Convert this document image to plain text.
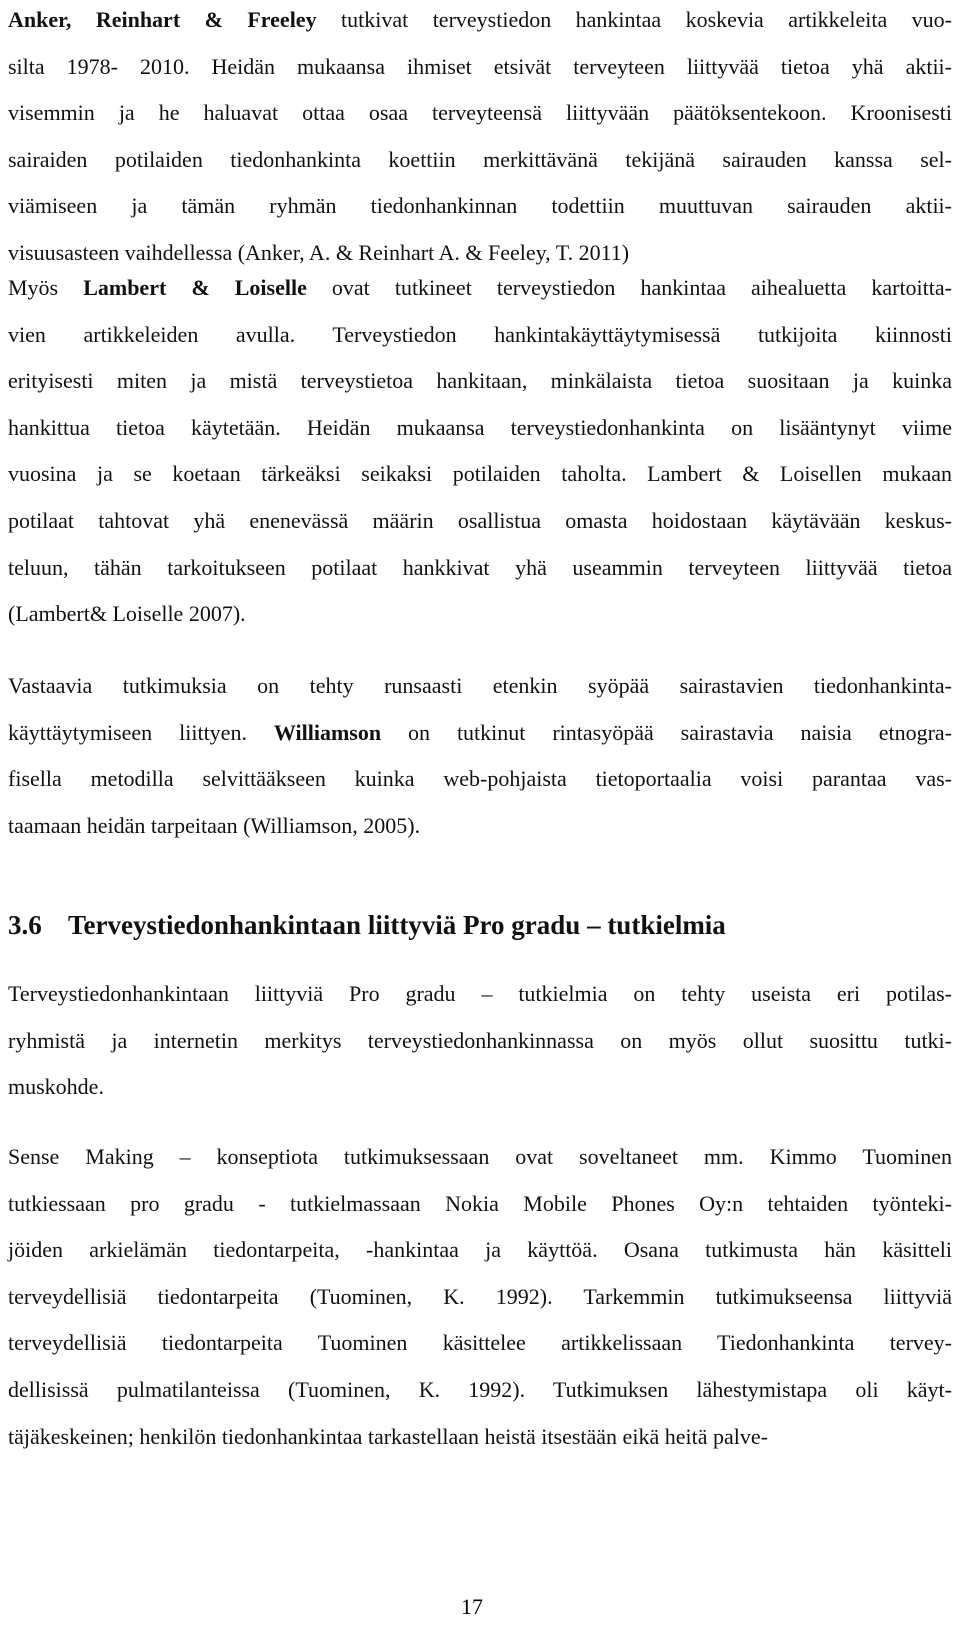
Anker, Reinhart & Freeley tutkivat terveystiedon hankintaa koskevia artikkeleita vuo-
silta 1978- 2010. Heidän mukaansa ihmiset etsivät terveyteen liittyvää tietoa yhä aktii-
visemmin ja he haluavat ottaa osaa terveyteensä liittyvään päätöksentekoon. Kroonisesti
sairaiden potilaiden tiedonhankinta koettiin merkittävänä tekijänä sairauden kanssa sel-
viämiseen ja tämän ryhmän tiedonhankinnan todettiin muuttuvan sairauden aktii-
visuusasteen vaihdellessa (Anker, A. & Reinhart A. & Feeley, T. 2011)
Myös Lambert & Loiselle ovat tutkineet terveystiedon hankintaa aihealuetta kartoitta-
vien artikkeleiden avulla. Terveystiedon hankintakäyttäytymisessä tutkijoita kiinnosti
erityisesti miten ja mistä terveystietoa hankitaan, minkälaista tietoa suositaan ja kuinka
hankittua tietoa käytetään. Heidän mukaansa terveystiedonhankinta on lisääntynyt viime
vuosina ja se koetaan tärkeäksi seikaksi potilaiden taholta. Lambert & Loisellen mukaan
potilaat tahtovat yhä enenevässä määrin osallistua omasta hoidostaan käytävään keskus-
teluun, tähän tarkoitukseen potilaat hankkivat yhä useammin terveyteen liittyvää tietoa
(Lambert& Loiselle 2007).
Vastaavia tutkimuksia on tehty runsaasti etenkin syöpää sairastavien tiedonhankinta-
käyttäytymiseen liittyen. Williamson on tutkinut rintasyöpää sairastavia naisia etnogra-
fisella metodilla selvittääkseen kuinka web-pohjaista tietoportaalia voisi parantaa vas-
taamaan heidän tarpeitaan (Williamson, 2005).
3.6 Terveystiedonhankintaan liittyviä Pro gradu – tutkielmia
Terveystiedonhankintaan liittyviä Pro gradu – tutkielmia on tehty useista eri potilas-
ryhmistä ja internetin merkitys terveystiedonhankinnassa on myös ollut suosittu tutki-
muskohde.
Sense Making – konseptiota tutkimuksessaan ovat soveltaneet mm. Kimmo Tuominen
tutkiessaan pro gradu - tutkielmassaan Nokia Mobile Phones Oy:n tehtaiden työnteki-
jöiden arkielämän tiedontarpeita, -hankintaa ja käyttöä. Osana tutkimusta hän käsitteli
terveydellisiä tiedontarpeita (Tuominen, K. 1992). Tarkemmin tutkimukseensa liittyviä
terveydellisiä tiedontarpeita Tuominen käsittelee artikkelissaan Tiedonhankinta tervey-
dellisissä pulmatilanteissa (Tuominen, K. 1992). Tutkimuksen lähestymistapa oli käyt-
täjäkeskeinen; henkilön tiedonhankintaa tarkastellaan heistä itsestään eikä heitä palve-
17
